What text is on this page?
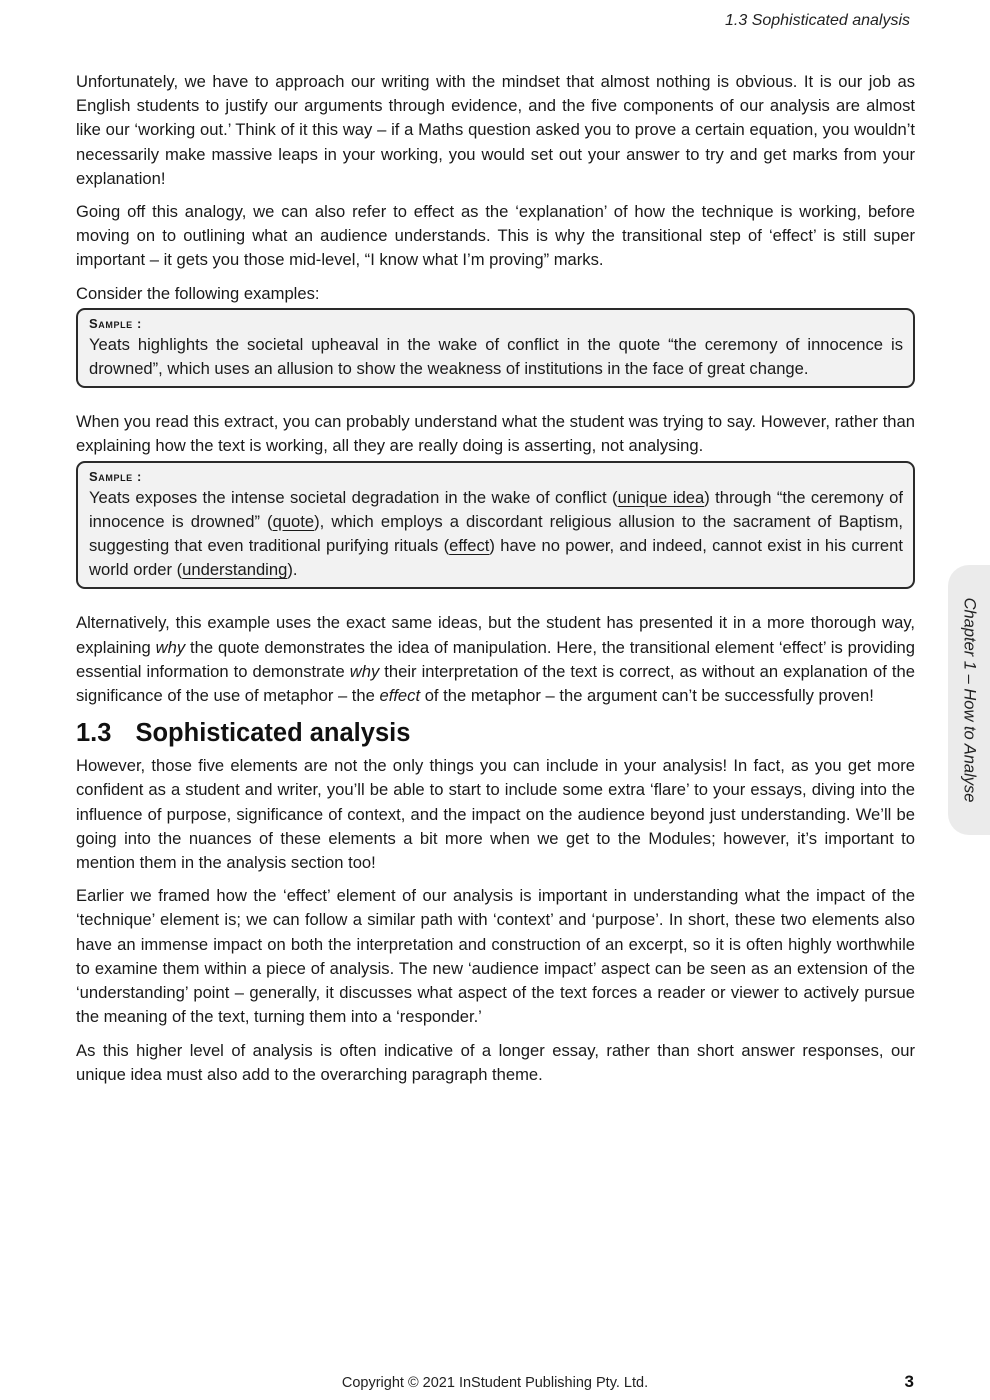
1.3 Sophisticated analysis

Unfortunately, we have to approach our writing with the mindset that almost nothing is obvious. It is our job as English students to justify our arguments through evidence, and the five components of our analysis are almost like our ‘working out.’ Think of it this way – if a Maths question asked you to prove a certain equation, you wouldn’t necessarily make massive leaps in your working, you would set out your answer to try and get marks from your explanation!

Going off this analogy, we can also refer to effect as the ‘explanation’ of how the technique is working, before moving on to outlining what an audience understands. This is why the transitional step of ‘effect’ is still super important – it gets you those mid-level, “I know what I’m proving” marks.

Consider the following examples:

Sample :
Yeats highlights the societal upheaval in the wake of conflict in the quote “the ceremony of innocence is drowned”, which uses an allusion to show the weakness of institutions in the face of great change.

When you read this extract, you can probably understand what the student was trying to say. However, rather than explaining how the text is working, all they are really doing is asserting, not analysing.

Sample :
Yeats exposes the intense societal degradation in the wake of conflict (unique idea) through “the ceremony of innocence is drowned” (quote), which employs a discordant religious allusion to the sacrament of Baptism, suggesting that even traditional purifying rituals (effect) have no power, and indeed, cannot exist in his current world order (understanding).

Alternatively, this example uses the exact same ideas, but the student has presented it in a more thorough way, explaining why the quote demonstrates the idea of manipulation. Here, the transitional element ‘effect’ is providing essential information to demonstrate why their interpretation of the text is correct, as without an explanation of the significance of the use of metaphor – the effect of the metaphor – the argument can’t be successfully proven!

1.3 Sophisticated analysis

However, those five elements are not the only things you can include in your analysis! In fact, as you get more confident as a student and writer, you’ll be able to start to include some extra ‘flare’ to your essays, diving into the influence of purpose, significance of context, and the impact on the audience beyond just understanding. We’ll be going into the nuances of these elements a bit more when we get to the Modules; however, it’s important to mention them in the analysis section too!

Earlier we framed how the ‘effect’ element of our analysis is important in understanding what the impact of the ‘technique’ element is; we can follow a similar path with ‘context’ and ‘purpose’. In short, these two elements also have an immense impact on both the interpretation and construction of an excerpt, so it is often highly worthwhile to examine them within a piece of analysis. The new ‘audience impact’ aspect can be seen as an extension of the ‘understanding’ point – generally, it discusses what aspect of the text forces a reader or viewer to actively pursue the meaning of the text, turning them into a ‘responder.’

As this higher level of analysis is often indicative of a longer essay, rather than short answer responses, our unique idea must also add to the overarching paragraph theme.

Chapter 1 – How to Analyse
Copyright © 2021 InStudent Publishing Pty. Ltd.	3
